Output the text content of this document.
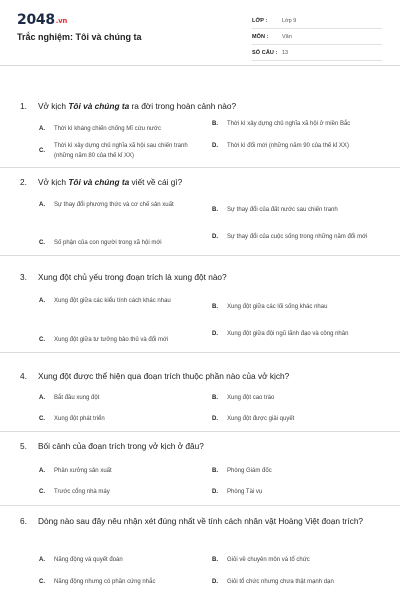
2048.vn
Trắc nghiệm: Tôi và chúng ta
LỚP :	Lớp 9
MÔN :	Văn
SỐ CÂU : 13
1. Vở kịch Tôi và chúng ta ra đời trong hoàn cảnh nào?
A.	Thời kì kháng chiến chống Mĩ cứu nước
B.	Thời kì xây dựng chủ nghĩa xã hội ở miền Bắc
C.
Thời kì xây dựng chủ nghĩa xã hội sau chiến tranh (những năm 80 của thế kỉ XX)
D.	Thời kì đổi mới (những năm 90 của thế kỉ XX)
2. Vở kịch Tôi và chúng ta viết về cái gì?
A.	Sự thay đổi phương thức và cơ chế sản xuất
B.	Sự thay đổi của đất nước sau chiến tranh
C.	Số phận của con người trong xã hội mới
D.	Sự thay đổi của cuộc sống trong những năm đổi mới
3. Xung đột chủ yếu trong đoạn trích là xung đột nào?
A.	Xung đột giữa các kiểu tính cách khác nhau
B.	Xung đột giữa các lối sống khác nhau
C.	Xung đột giữa tư tưởng bảo thủ và đổi mới
D.	Xung đột giữa đội ngũ lãnh đạo và công nhân
4. Xung đột được thể hiện qua đoạn trích thuộc phần nào của vở kịch?
A.	Bắt đầu xung đột	B.	Xung đột cao trào
C.	Xung đột phát triển	D.	Xung đột được giải quyết
5. Bối cảnh của đoạn trích trong vở kịch ở đâu?
A.	Phân xưởng sản xuất	B.	Phòng Giám đốc
C.	Trước cổng nhà máy	D.	Phòng Tài vụ
6. Dòng nào sau đây nêu nhận xét đúng nhất về tính cách nhân vật Hoàng Việt đoạn trích?
A.	Năng động và quyết đoán	B.	Giỏi về chuyên môn và tổ chức
C.	Năng động nhưng có phần cứng nhắc	D.	Giỏi tổ chức nhưng chưa thật mạnh dạn
